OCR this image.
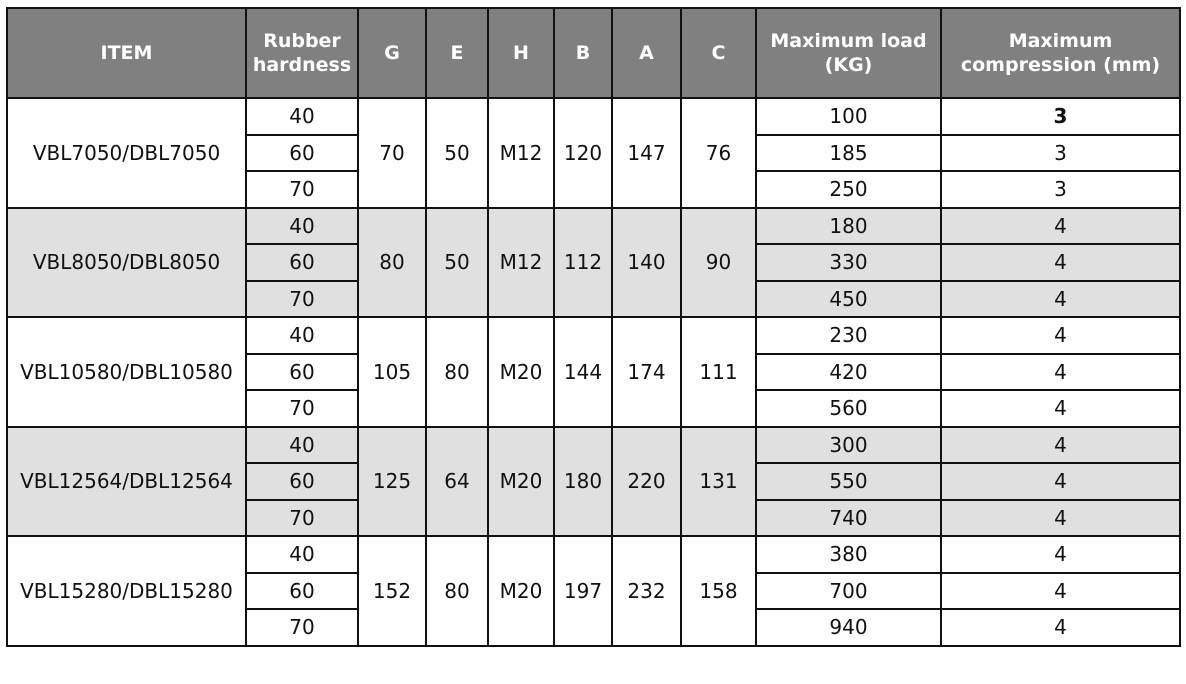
ITEM	Rubber hardness	G	E	H	B	A	C	Maximum load (KG)	Maximum compression (mm)
VBL7050/DBL7050	40	70	50	M12	120	147	76	100	3
	60							185	3
	70							250	3
VBL8050/DBL8050	40	80	50	M12	112	140	90	180	4
	60							330	4
	70							450	4
VBL10580/DBL10580	40	105	80	M20	144	174	111	230	4
	60							420	4
	70							560	4
VBL12564/DBL12564	40	125	64	M20	180	220	131	300	4
	60							550	4
	70							740	4
VBL15280/DBL15280	40	152	80	M20	197	232	158	380	4
	60							700	4
	70							940	4
